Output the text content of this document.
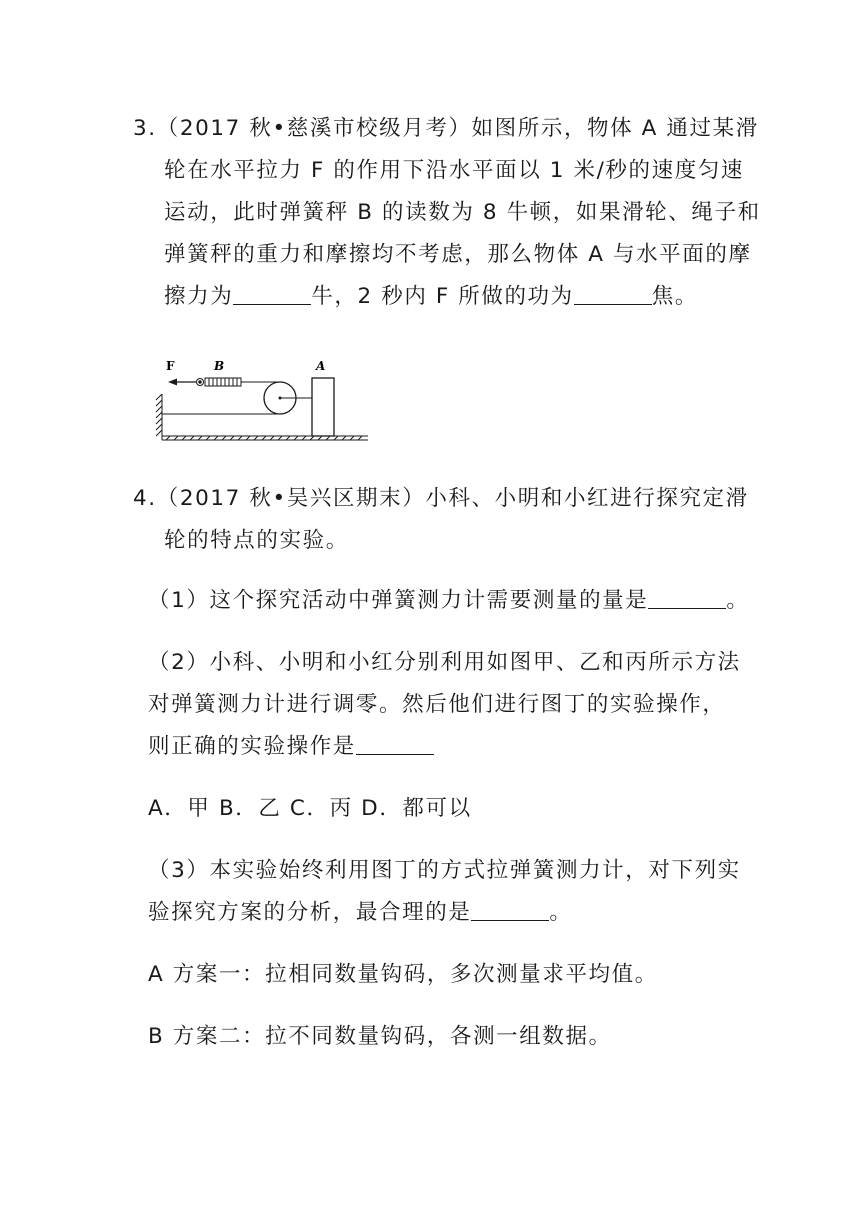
3.（2017 秋•慈溪市校级月考）如图所示，物体 A 通过某滑
轮在水平拉力 F 的作用下沿水平面以 1 米/秒的速度匀速
运动，此时弹簧秤 B 的读数为 8 牛顿，如果滑轮、绳子和
弹簧秤的重力和摩擦均不考虑，那么物体 A 与水平面的摩
擦力为	牛，2 秒内 F 所做的功为	焦。
F	B	A
4.（2017 秋•吴兴区期末）小科、小明和小红进行探究定滑
轮的特点的实验。
（1）这个探究活动中弹簧测力计需要测量的量是	。
（2）小科、小明和小红分别利用如图甲、乙和丙所示方法
对弹簧测力计进行调零。然后他们进行图丁的实验操作，
则正确的实验操作是
A．甲 B．乙 C．丙 D．都可以
（3）本实验始终利用图丁的方式拉弹簧测力计，对下列实
验探究方案的分析，最合理的是	。
A 方案一：拉相同数量钩码，多次测量求平均值。
B 方案二：拉不同数量钩码，各测一组数据。
